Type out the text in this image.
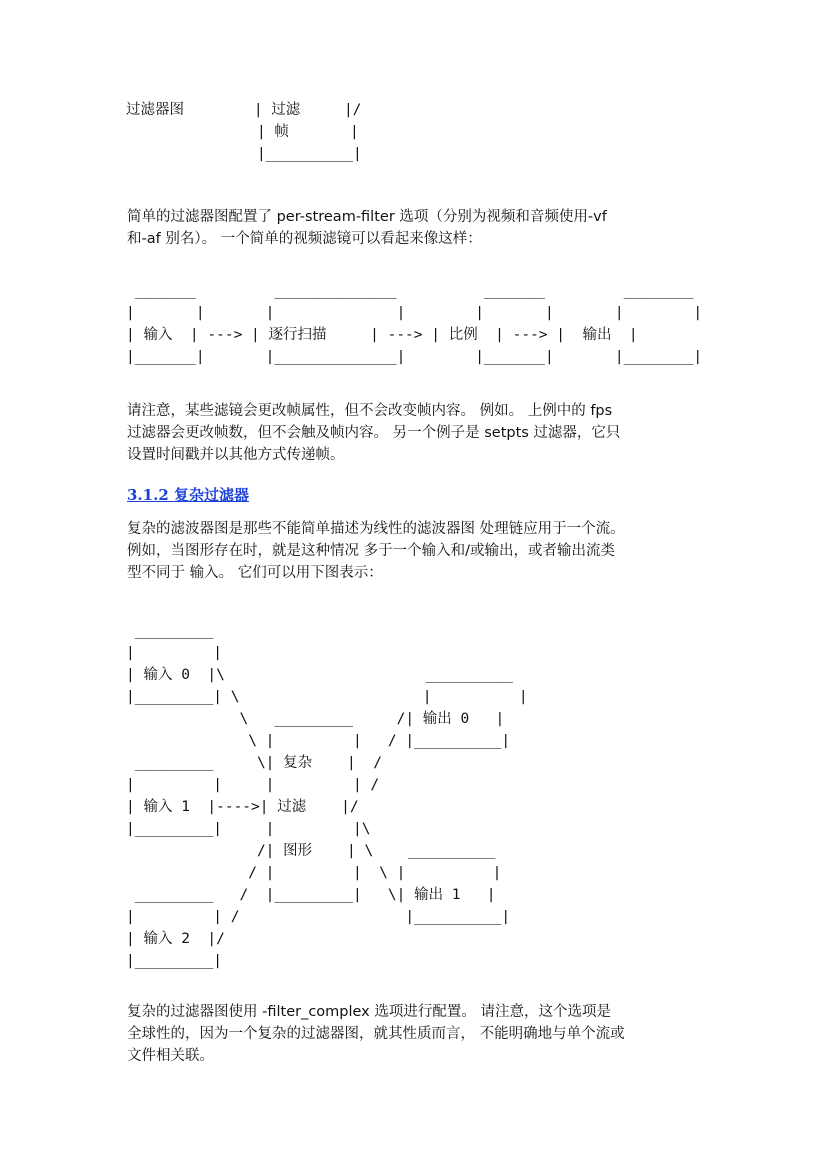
过滤器图        | 过滤     |/
| 帧       |
|__________|

简单的过滤器图配置了 per-stream-filter 选项（分别为视频和音频使用-vf

和-af 别名）。 一个简单的视频滤镜可以看起来像这样：

_______         ______________          _______         ________
|       |       |              |        |       |       |        |
| 输入  | ---> | 逐行扫描     | ---> | 比例  | ---> |  输出  |
|_______|       |______________|        |_______|       |________|

请注意，某些滤镜会更改帧属性，但不会改变帧内容。 例如。 上例中的 fps

过滤器会更改帧数，但不会触及帧内容。 另一个例子是 setpts 过滤器，它只

设置时间戳并以其他方式传递帧。

3.1.2 复杂过滤器

复杂的滤波器图是那些不能简单描述为线性的滤波器图 处理链应用于一个流。

例如，当图形存在时，就是这种情况 多于一个输入和/或输出，或者输出流类

型不同于 输入。 它们可以用下图表示：

_________
|         |
| 输入 0  |\                       __________
|_________| \                     |          |
\   _________     /| 输出 0   |
\ |         |   / |__________|
_________     \| 复杂    |  /
|         |     |         | /
| 输入 1  |---->| 过滤    |/
|_________|     |         |\
/| 图形    | \    __________
/ |         |  \ |          |
_________   /  |_________|   \| 输出 1   |
|         | /                   |__________|
| 输入 2  |/
|_________|

复杂的过滤器图使用 -filter_complex 选项进行配置。 请注意，这个选项是

全球性的，因为一个复杂的过滤器图，就其性质而言， 不能明确地与单个流或

文件相关联。
